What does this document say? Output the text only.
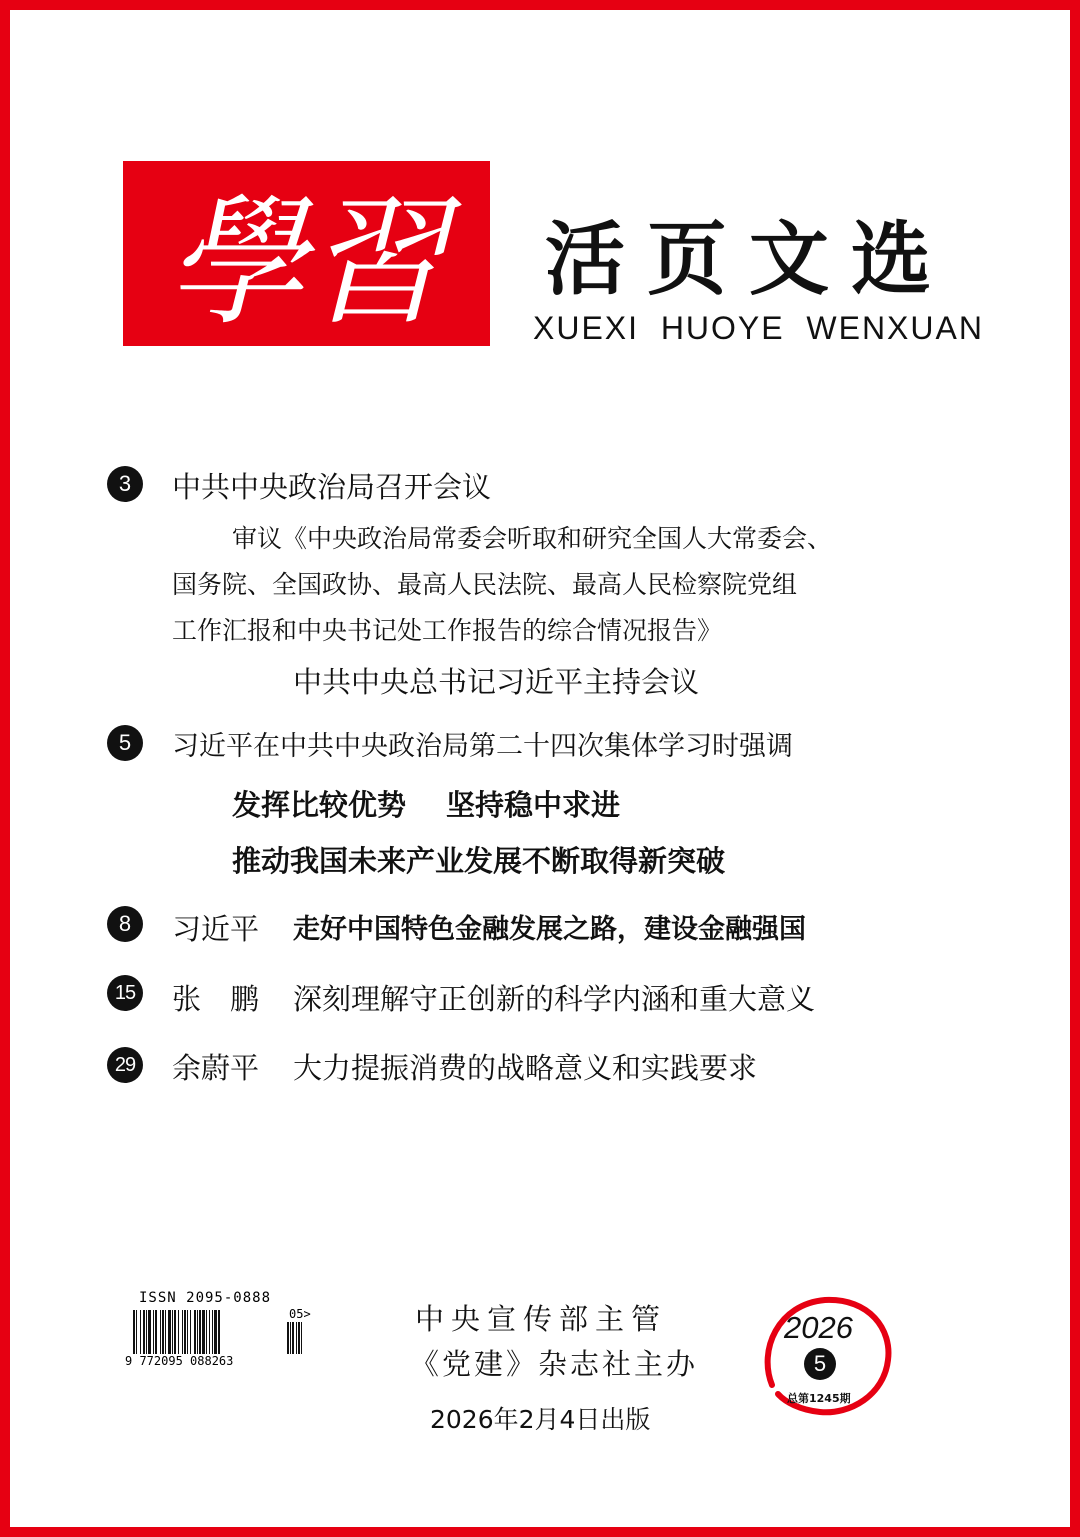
學習 活页文选
XUEXI  HUOYE  WENXUAN
3	中共中央政治局召开会议
审议《中央政治局常委会听取和研究全国人大常委会、
国务院、全国政协、最高人民法院、最高人民检察院党组
工作汇报和中央书记处工作报告的综合情况报告》
中共中央总书记习近平主持会议
5	习近平在中共中央政治局第二十四次集体学习时强调
发挥比较优势 坚持稳中求进
推动我国未来产业发展不断取得新突破
8	习近平 走好中国特色金融发展之路，建设金融强国
15 张　鹏 深刻理解守正创新的科学内涵和重大意义
29 余蔚平 大力提振消费的战略意义和实践要求
ISSN 2095-0888
05>
9 772095 088263
中央宣传部主管
《党建》杂志社主办
2026年2月4日出版
2026
5
总第1245期
